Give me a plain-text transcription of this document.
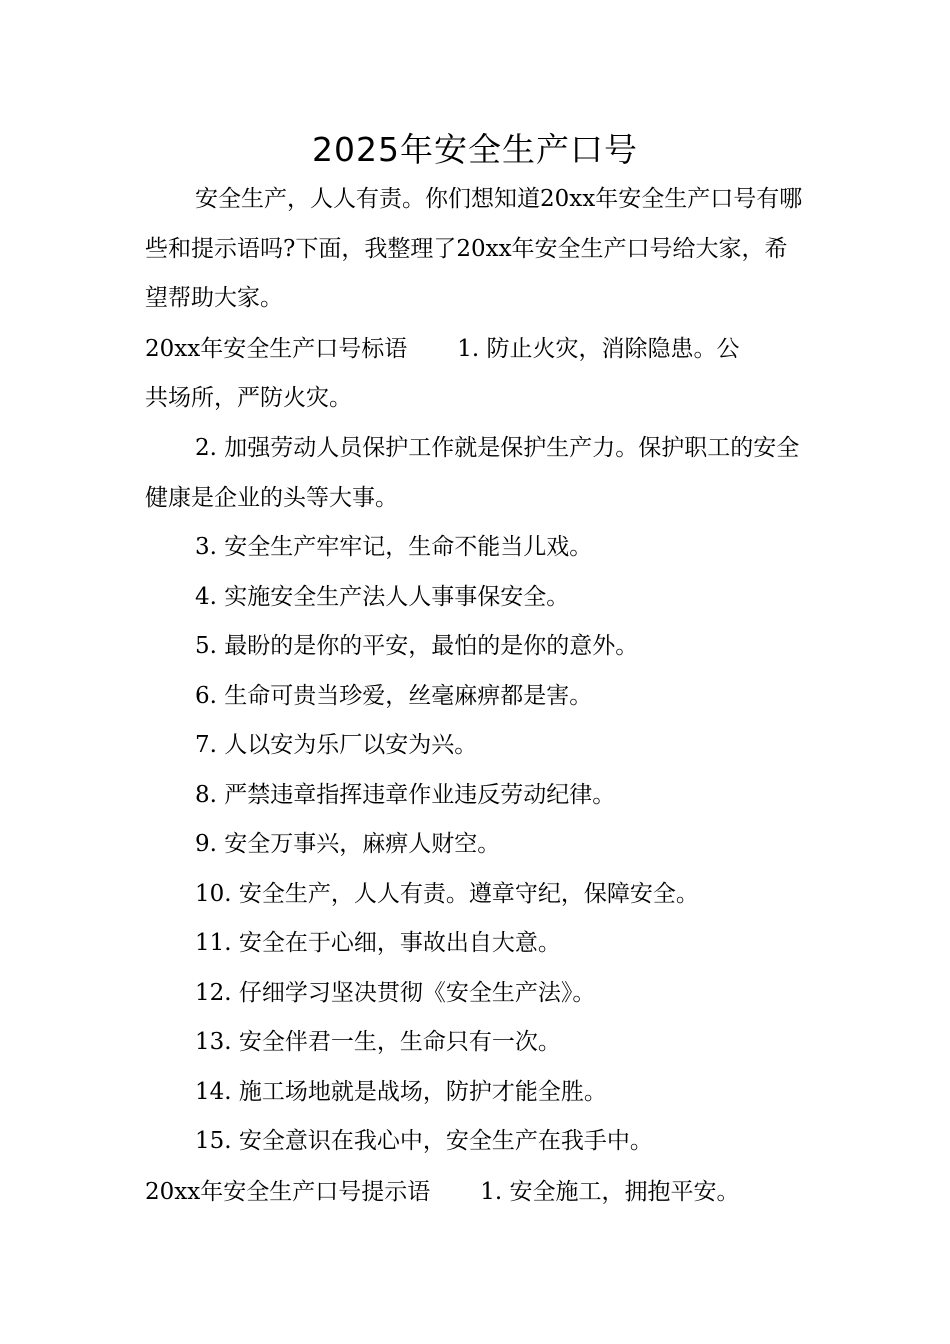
2025年安全生产口号

安全生产，人人有责。你们想知道20xx年安全生产口号有哪些和提示语吗?下面，我整理了20xx年安全生产口号给大家，希望帮助大家。

20xx年安全生产口号标语 1. 防止火灾，消除隐患。公

共场所，严防火灾。

2. 加强劳动人员保护工作就是保护生产力。保护职工的安全健康是企业的头等大事。

3. 安全生产牢牢记，生命不能当儿戏。

4. 实施安全生产法人人事事保安全。

5. 最盼的是你的平安，最怕的是你的意外。

6. 生命可贵当珍爱，丝毫麻痹都是害。

7. 人以安为乐厂以安为兴。

8. 严禁违章指挥违章作业违反劳动纪律。

9. 安全万事兴，麻痹人财空。

10. 安全生产，人人有责。遵章守纪，保障安全。

11. 安全在于心细，事故出自大意。

12. 仔细学习坚决贯彻《安全生产法》。

13. 安全伴君一生，生命只有一次。

14. 施工场地就是战场，防护才能全胜。

15. 安全意识在我心中，安全生产在我手中。

20xx年安全生产口号提示语 1. 安全施工，拥抱平安。
